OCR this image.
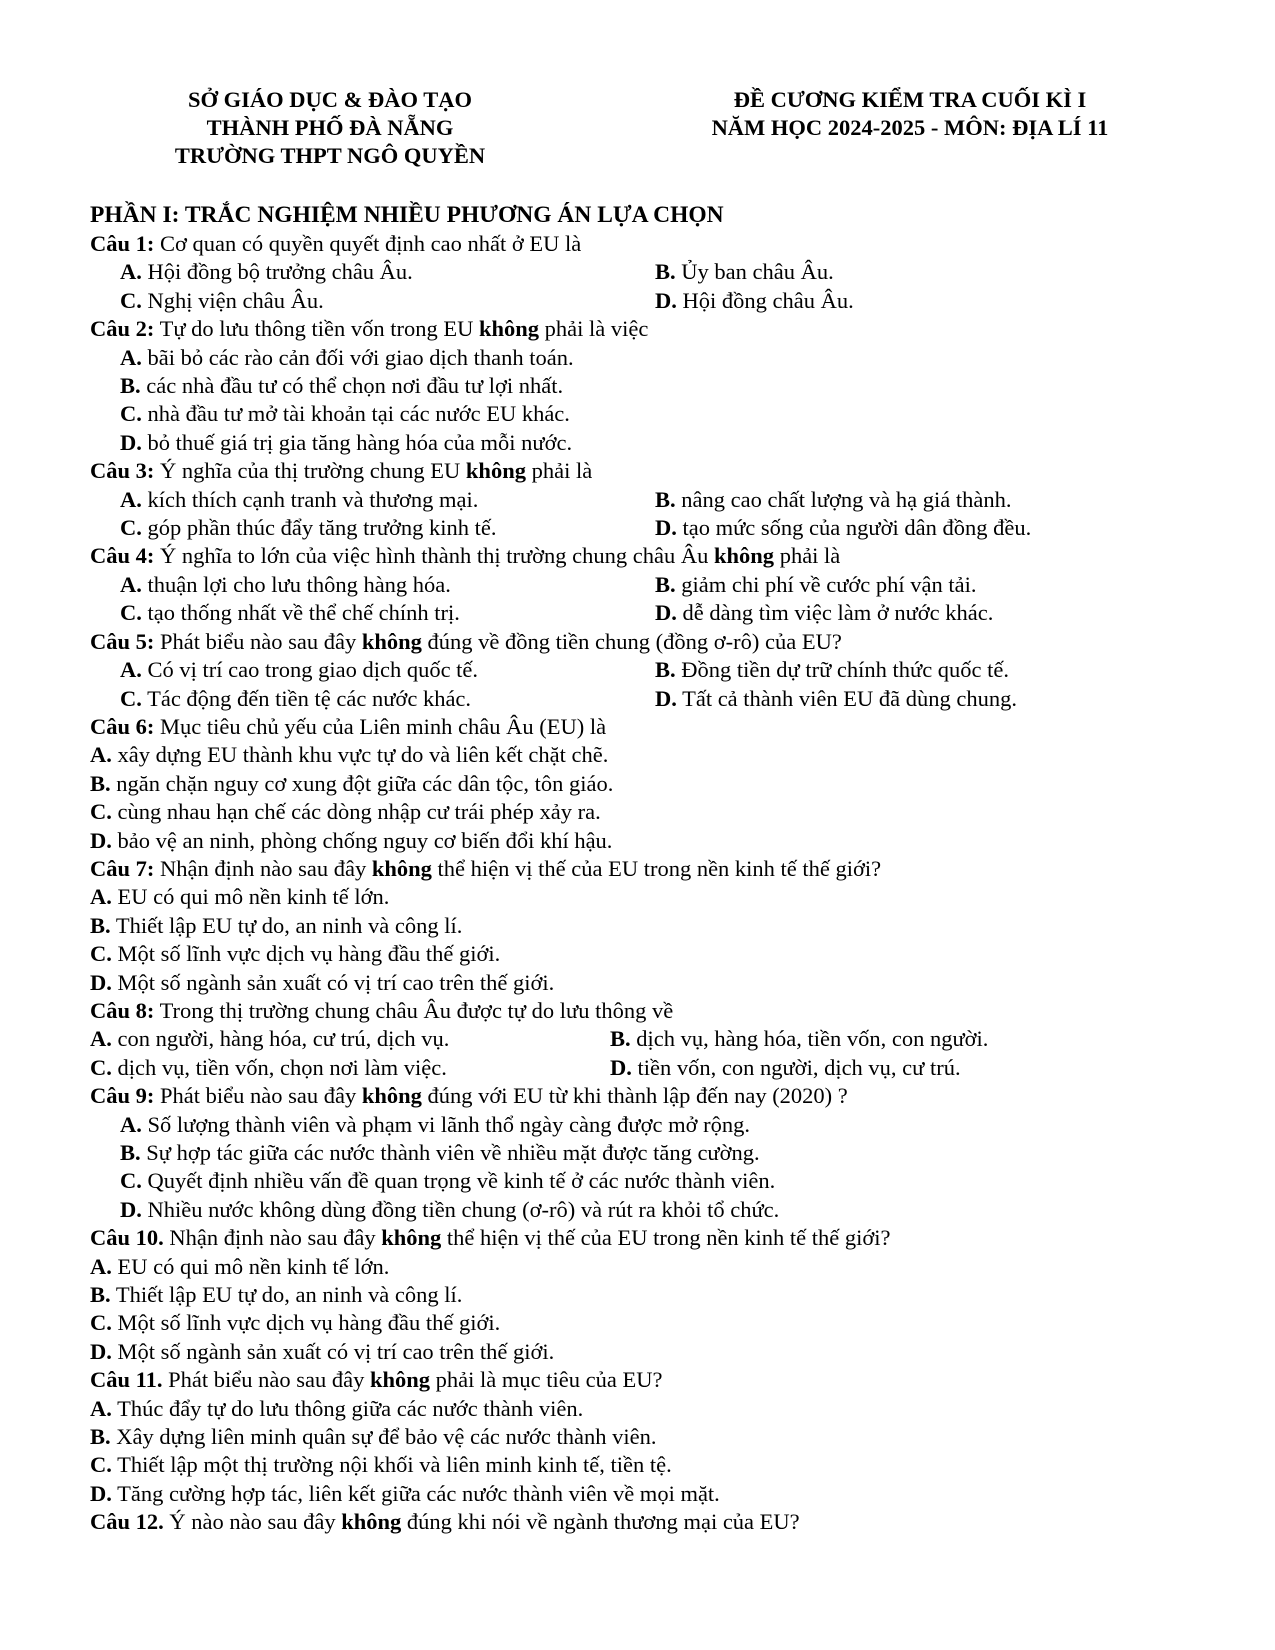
SỞ GIÁO DỤC & ĐÀO TẠO
THÀNH PHỐ ĐÀ NẴNG
TRƯỜNG THPT NGÔ QUYỀN
ĐỀ CƯƠNG KIỂM TRA CUỐI KÌ I
NĂM HỌC 2024-2025 - MÔN: ĐỊA LÍ 11
PHẦN I: TRẮC NGHIỆM NHIỀU PHƯƠNG ÁN LỰA CHỌN
Câu 1: Cơ quan có quyền quyết định cao nhất ở EU là
A. Hội đồng bộ trưởng châu Âu.	B. Ủy ban châu Âu.
C. Nghị viện châu Âu.	D. Hội đồng châu Âu.
Câu 2: Tự do lưu thông tiền vốn trong EU không phải là việc
A. bãi bỏ các rào cản đối với giao dịch thanh toán.
B. các nhà đầu tư có thể chọn nơi đầu tư lợi nhất.
C. nhà đầu tư mở tài khoản tại các nước EU khác.
D. bỏ thuế giá trị gia tăng hàng hóa của mỗi nước.
Câu 3: Ý nghĩa của thị trường chung EU không phải là
A. kích thích cạnh tranh và thương mại.	B. nâng cao chất lượng và hạ giá thành.
C. góp phần thúc đẩy tăng trưởng kinh tế.	D. tạo mức sống của người dân đồng đều.
Câu 4: Ý nghĩa to lớn của việc hình thành thị trường chung châu Âu không phải là
A. thuận lợi cho lưu thông hàng hóa.	B. giảm chi phí về cước phí vận tải.
C. tạo thống nhất về thể chế chính trị.	D. dễ dàng tìm việc làm ở nước khác.
Câu 5: Phát biểu nào sau đây không đúng về đồng tiền chung (đồng ơ-rô) của EU?
A. Có vị trí cao trong giao dịch quốc tế.	B. Đồng tiền dự trữ chính thức quốc tế.
C. Tác động đến tiền tệ các nước khác.	D. Tất cả thành viên EU đã dùng chung.
Câu 6: Mục tiêu chủ yếu của Liên minh châu Âu (EU) là
A. xây dựng EU thành khu vực tự do và liên kết chặt chẽ.
B. ngăn chặn nguy cơ xung đột giữa các dân tộc, tôn giáo.
C. cùng nhau hạn chế các dòng nhập cư trái phép xảy ra.
D. bảo vệ an ninh, phòng chống nguy cơ biến đổi khí hậu.
Câu 7: Nhận định nào sau đây không thể hiện vị thế của EU trong nền kinh tế thế giới?
A. EU có qui mô nền kinh tế lớn.
B. Thiết lập EU tự do, an ninh và công lí.
C. Một số lĩnh vực dịch vụ hàng đầu thế giới.
D. Một số ngành sản xuất có vị trí cao trên thế giới.
Câu 8: Trong thị trường chung châu Âu được tự do lưu thông về
A. con người, hàng hóa, cư trú, dịch vụ.	B. dịch vụ, hàng hóa, tiền vốn, con người.
C. dịch vụ, tiền vốn, chọn nơi làm việc.	D. tiền vốn, con người, dịch vụ, cư trú.
Câu 9: Phát biểu nào sau đây không đúng với EU từ khi thành lập đến nay (2020) ?
A. Số lượng thành viên và phạm vi lãnh thổ ngày càng được mở rộng.
B. Sự hợp tác giữa các nước thành viên về nhiều mặt được tăng cường.
C. Quyết định nhiều vấn đề quan trọng về kinh tế ở các nước thành viên.
D. Nhiều nước không dùng đồng tiền chung (ơ-rô) và rút ra khỏi tổ chức.
Câu 10. Nhận định nào sau đây không thể hiện vị thế của EU trong nền kinh tế thế giới?
A. EU có qui mô nền kinh tế lớn.
B. Thiết lập EU tự do, an ninh và công lí.
C. Một số lĩnh vực dịch vụ hàng đầu thế giới.
D. Một số ngành sản xuất có vị trí cao trên thế giới.
Câu 11. Phát biểu nào sau đây không phải là mục tiêu của EU?
A. Thúc đẩy tự do lưu thông giữa các nước thành viên.
B. Xây dựng liên minh quân sự để bảo vệ các nước thành viên.
C. Thiết lập một thị trường nội khối và liên minh kinh tế, tiền tệ.
D. Tăng cường hợp tác, liên kết giữa các nước thành viên về mọi mặt.
Câu 12. Ý nào nào sau đây không đúng khi nói về ngành thương mại của EU?
